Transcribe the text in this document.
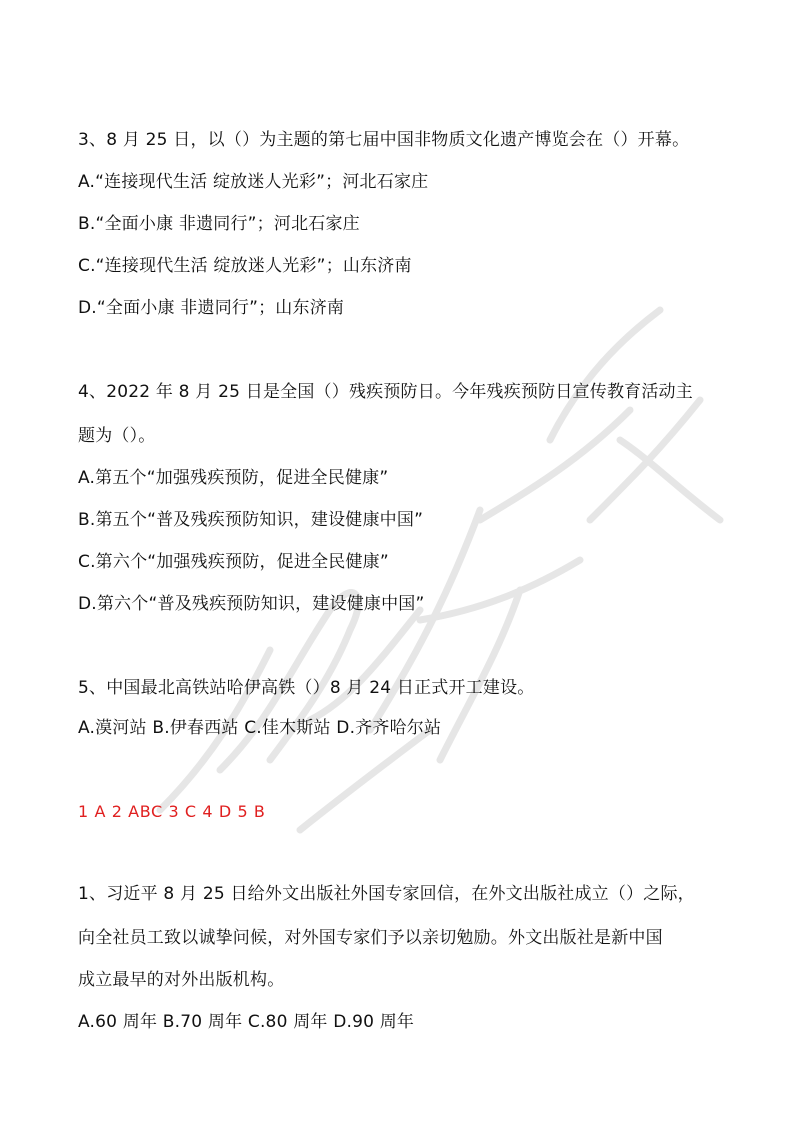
3、8 月 25 日，以（）为主题的第七届中国非物质文化遗产博览会在（）开幕。

A.“连接现代生活 绽放迷人光彩”；河北石家庄

B.“全面小康 非遗同行”；河北石家庄

C.“连接现代生活 绽放迷人光彩”；山东济南

D.“全面小康 非遗同行”；山东济南

4、2022 年 8 月 25 日是全国（）残疾预防日。今年残疾预防日宣传教育活动主

题为（）。

A.第五个“加强残疾预防，促进全民健康”

B.第五个“普及残疾预防知识，建设健康中国”

C.第六个“加强残疾预防，促进全民健康”

D.第六个“普及残疾预防知识，建设健康中国”

5、中国最北高铁站哈伊高铁（）8 月 24 日正式开工建设。

A.漠河站 B.伊春西站 C.佳木斯站 D.齐齐哈尔站

1 A 2 ABC 3 C 4 D 5 B

1、习近平 8 月 25 日给外文出版社外国专家回信，在外文出版社成立（）之际，

向全社员工致以诚挚问候，对外国专家们予以亲切勉励。外文出版社是新中国

成立最早的对外出版机构。

A.60 周年 B.70 周年 C.80 周年 D.90 周年
